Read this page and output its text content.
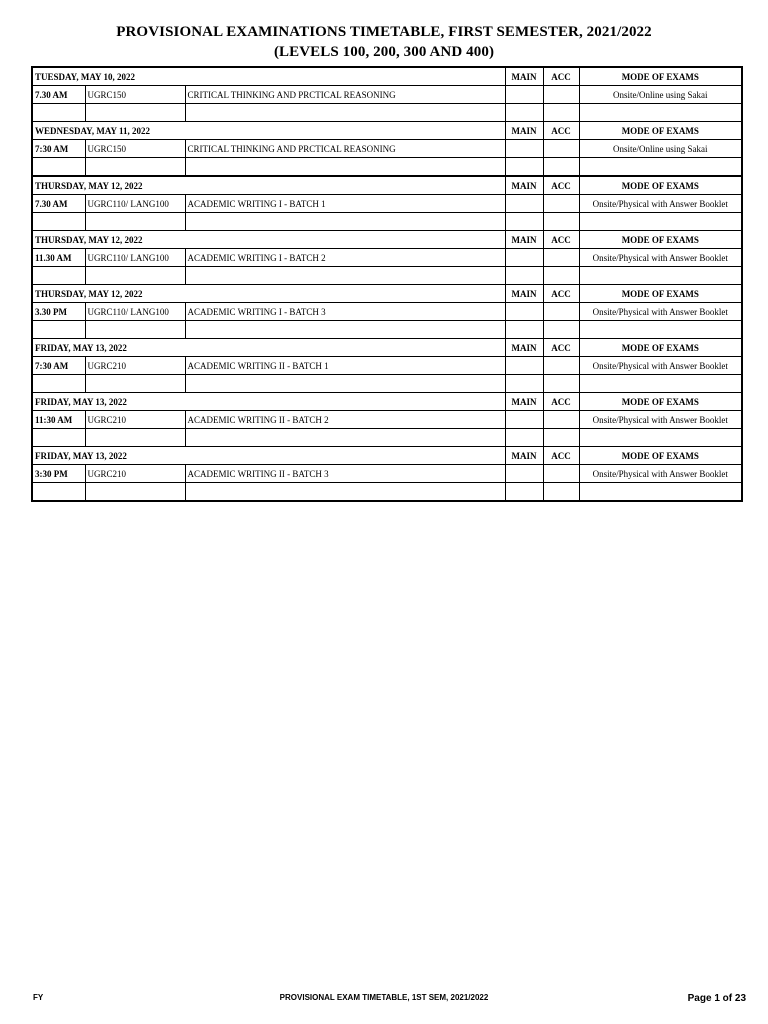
PROVISIONAL EXAMINATIONS TIMETABLE, FIRST SEMESTER, 2021/2022
(LEVELS 100, 200, 300 AND 400)
TUESDAY, MAY 10, 2022			MAIN	ACC	MODE OF EXAMS
7.30 AM	UGRC150	CRITICAL THINKING AND PRCTICAL REASONING			Onsite/Online using Sakai

WEDNESDAY, MAY 11, 2022			MAIN	ACC	MODE OF EXAMS
7:30 AM	UGRC150	CRITICAL THINKING AND PRCTICAL REASONING			Onsite/Online using Sakai

THURSDAY, MAY 12, 2022			MAIN	ACC	MODE OF EXAMS
7.30 AM	UGRC110/ LANG100	ACADEMIC WRITING I - BATCH 1			Onsite/Physical with Answer Booklet

THURSDAY, MAY 12, 2022			MAIN	ACC	MODE OF EXAMS
11.30 AM	UGRC110/ LANG100	ACADEMIC WRITING I - BATCH 2			Onsite/Physical with Answer Booklet

THURSDAY, MAY 12, 2022			MAIN	ACC	MODE OF EXAMS
3.30 PM	UGRC110/ LANG100	ACADEMIC WRITING I - BATCH 3			Onsite/Physical with Answer Booklet

FRIDAY, MAY 13, 2022			MAIN	ACC	MODE OF EXAMS
7:30 AM	UGRC210	ACADEMIC WRITING II - BATCH 1			Onsite/Physical with Answer Booklet

FRIDAY, MAY 13, 2022			MAIN	ACC	MODE OF EXAMS
11:30 AM	UGRC210	ACADEMIC WRITING II - BATCH 2			Onsite/Physical with Answer Booklet

FRIDAY, MAY 13, 2022			MAIN	ACC	MODE OF EXAMS
3:30 PM	UGRC210	ACADEMIC WRITING II - BATCH 3			Onsite/Physical with Answer Booklet

FY	PROVISIONAL EXAM TIMETABLE, 1ST SEM, 2021/2022	Page 1 of 23
